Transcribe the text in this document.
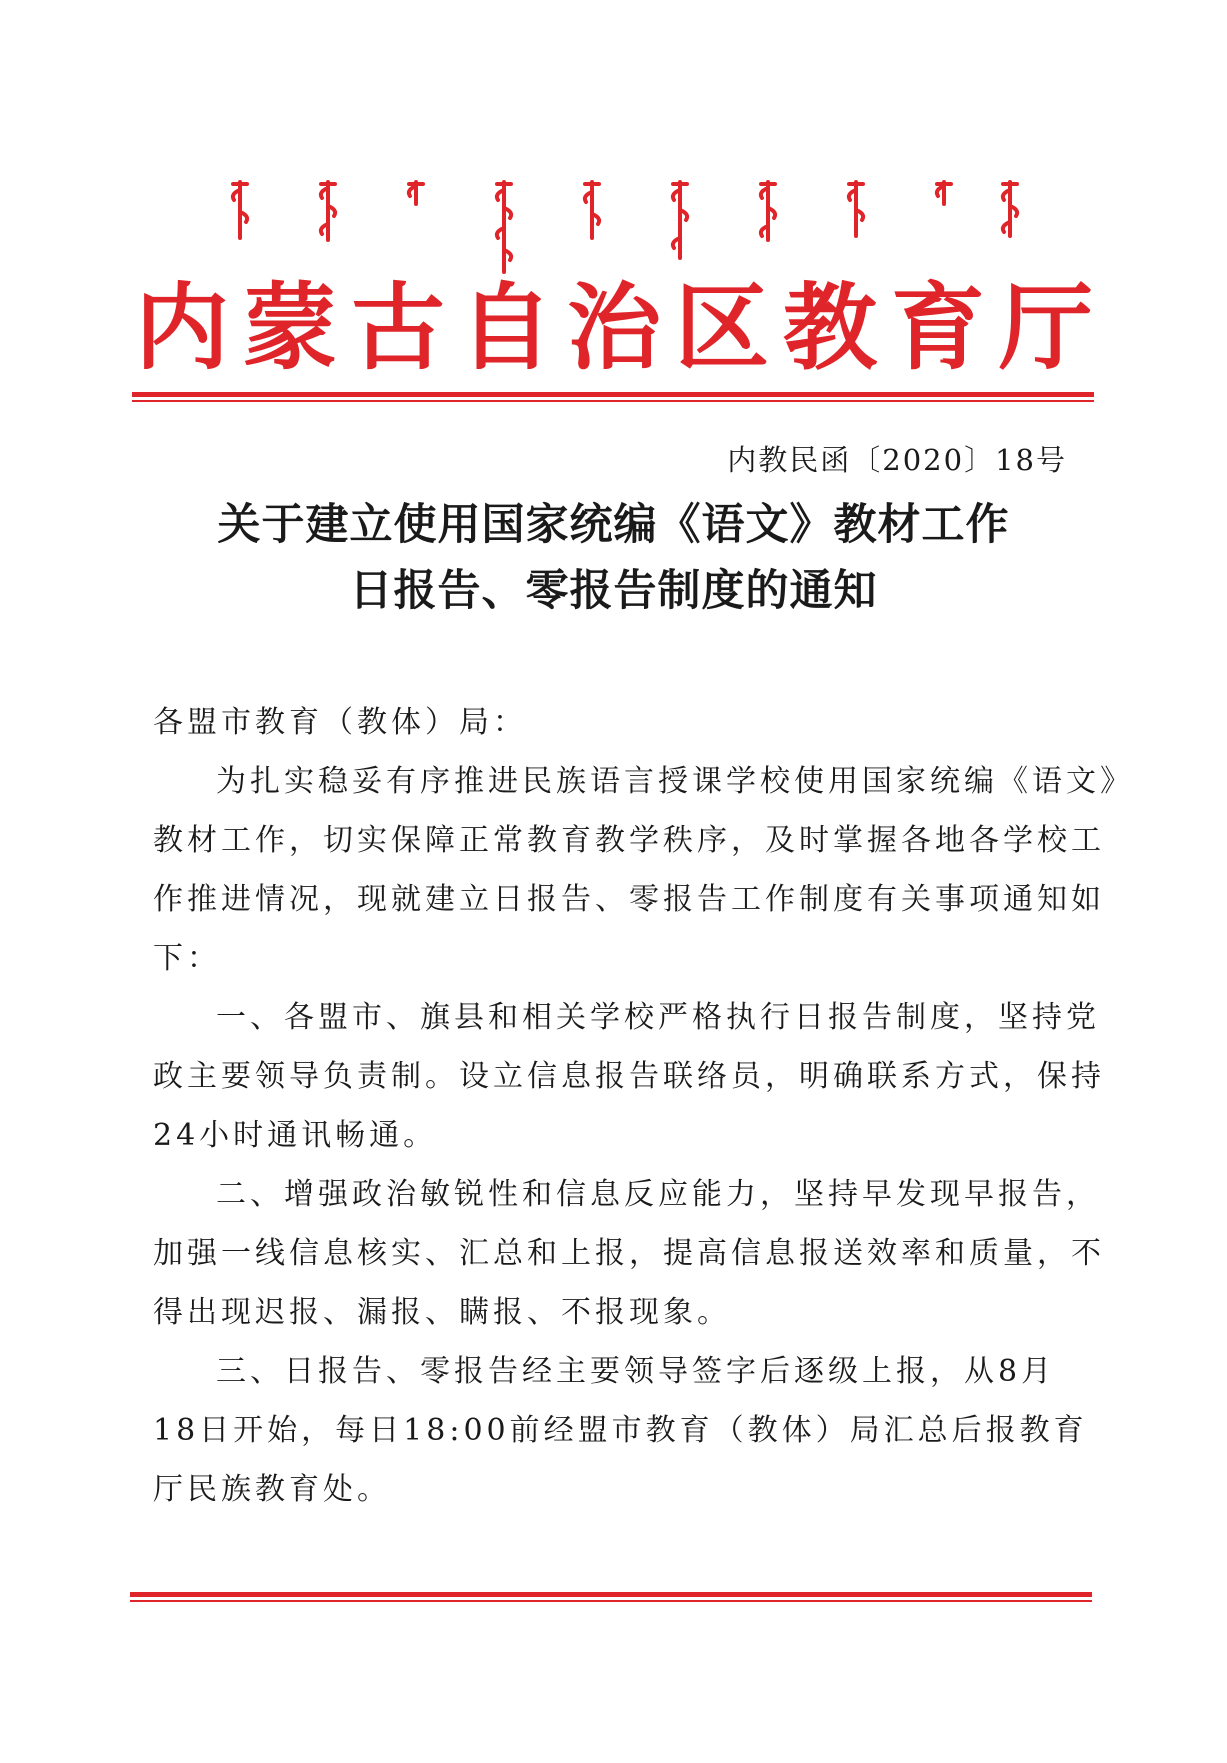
内蒙古自治区教育厅
内教民函〔2020〕18号
关于建立使用国家统编《语文》教材工作
日报告、零报告制度的通知
各盟市教育（教体）局：
为扎实稳妥有序推进民族语言授课学校使用国家统编《语文》
教材工作，切实保障正常教育教学秩序，及时掌握各地各学校工
作推进情况，现就建立日报告、零报告工作制度有关事项通知如
下：
一、各盟市、旗县和相关学校严格执行日报告制度，坚持党
政主要领导负责制。设立信息报告联络员，明确联系方式，保持
24小时通讯畅通。
二、增强政治敏锐性和信息反应能力，坚持早发现早报告，
加强一线信息核实、汇总和上报，提高信息报送效率和质量，不
得出现迟报、漏报、瞒报、不报现象。
三、日报告、零报告经主要领导签字后逐级上报，从8月
18日开始，每日18:00前经盟市教育（教体）局汇总后报教育
厅民族教育处。
